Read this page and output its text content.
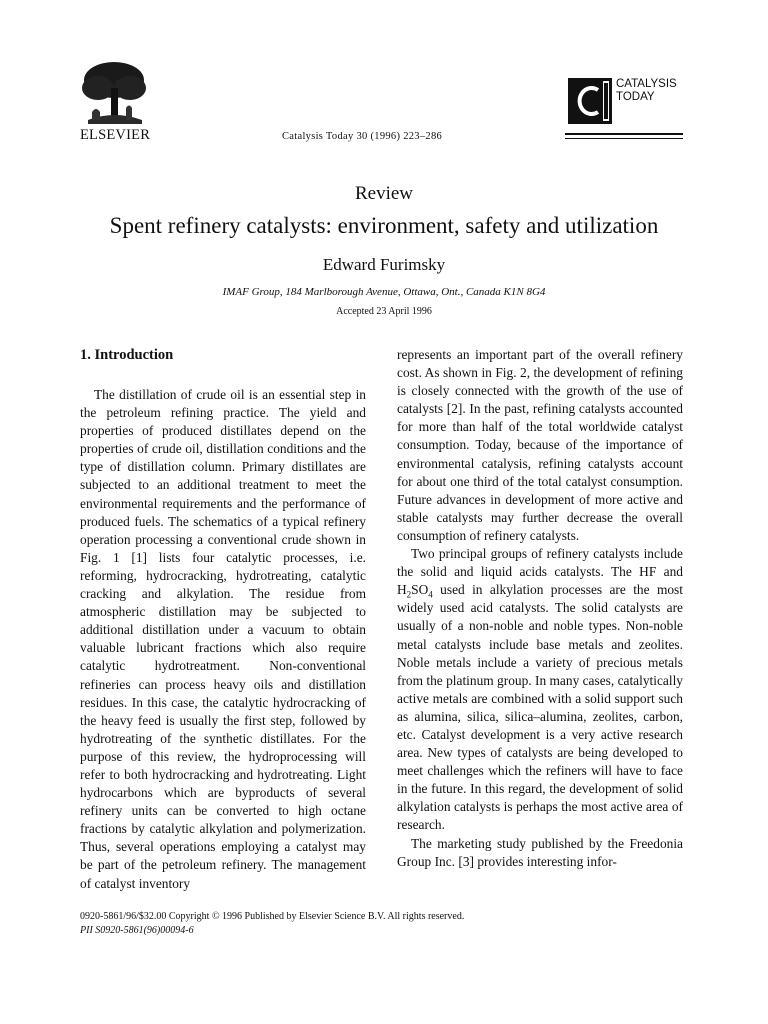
ELSEVIER	Catalysis Today 30 (1996) 223–286
CATALYSIS
TODAY
Review
Spent refinery catalysts: environment, safety and utilization
Edward Furimsky
IMAF Group, 184 Marlborough Avenue, Ottawa, Ont., Canada K1N 8G4
Accepted 23 April 1996
1. Introduction

The distillation of crude oil is an essential step in the petroleum refining practice. The yield and properties of produced distillates depend on the properties of crude oil, distillation conditions and the type of distillation column. Primary distillates are subjected to an additional treatment to meet the environmental requirements and the performance of produced fuels. The schematics of a typical refinery operation processing a conventional crude shown in Fig. 1 [1] lists four catalytic processes, i.e. reforming, hydrocracking, hydrotreating, catalytic cracking and alkylation. The residue from atmospheric distillation may be subjected to additional distillation under a vacuum to obtain valuable lubricant fractions which also require catalytic hydrotreatment. Non-conventional refineries can process heavy oils and distillation residues. In this case, the catalytic hydrocracking of the heavy feed is usually the first step, followed by hydrotreating of the synthetic distillates. For the purpose of this review, the hydroprocessing will refer to both hydrocracking and hydrotreating. Light hydrocarbons which are byproducts of several refinery units can be converted to high octane fractions by catalytic alkylation and polymerization. Thus, several operations employing a catalyst may be part of the petroleum refinery. The management of catalyst inventory

represents an important part of the overall refinery cost. As shown in Fig. 2, the development of refining is closely connected with the growth of the use of catalysts [2]. In the past, refining catalysts accounted for more than half of the total worldwide catalyst consumption. Today, because of the importance of environmental catalysis, refining catalysts account for about one third of the total catalyst consumption. Future advances in development of more active and stable catalysts may further decrease the overall consumption of refinery catalysts.

Two principal groups of refinery catalysts include the solid and liquid acids catalysts. The HF and $H_2SO_4$ used in alkylation processes are the most widely used acid catalysts. The solid catalysts are usually of a non-noble and noble types. Non-noble metal catalysts include base metals and zeolites. Noble metals include a variety of precious metals from the platinum group. In many cases, catalytically active metals are combined with a solid support such as alumina, silica, silica–alumina, zeolites, carbon, etc. Catalyst development is a very active research area. New types of catalysts are being developed to meet challenges which the refiners will have to face in the future. In this regard, the development of solid alkylation catalysts is perhaps the most active area of research.

The marketing study published by the Freedonia Group Inc. [3] provides interesting infor-

0920-5861/96/$32.00 Copyright © 1996 Published by Elsevier Science B.V. All rights reserved.
PII S0920-5861(96)00094-6
